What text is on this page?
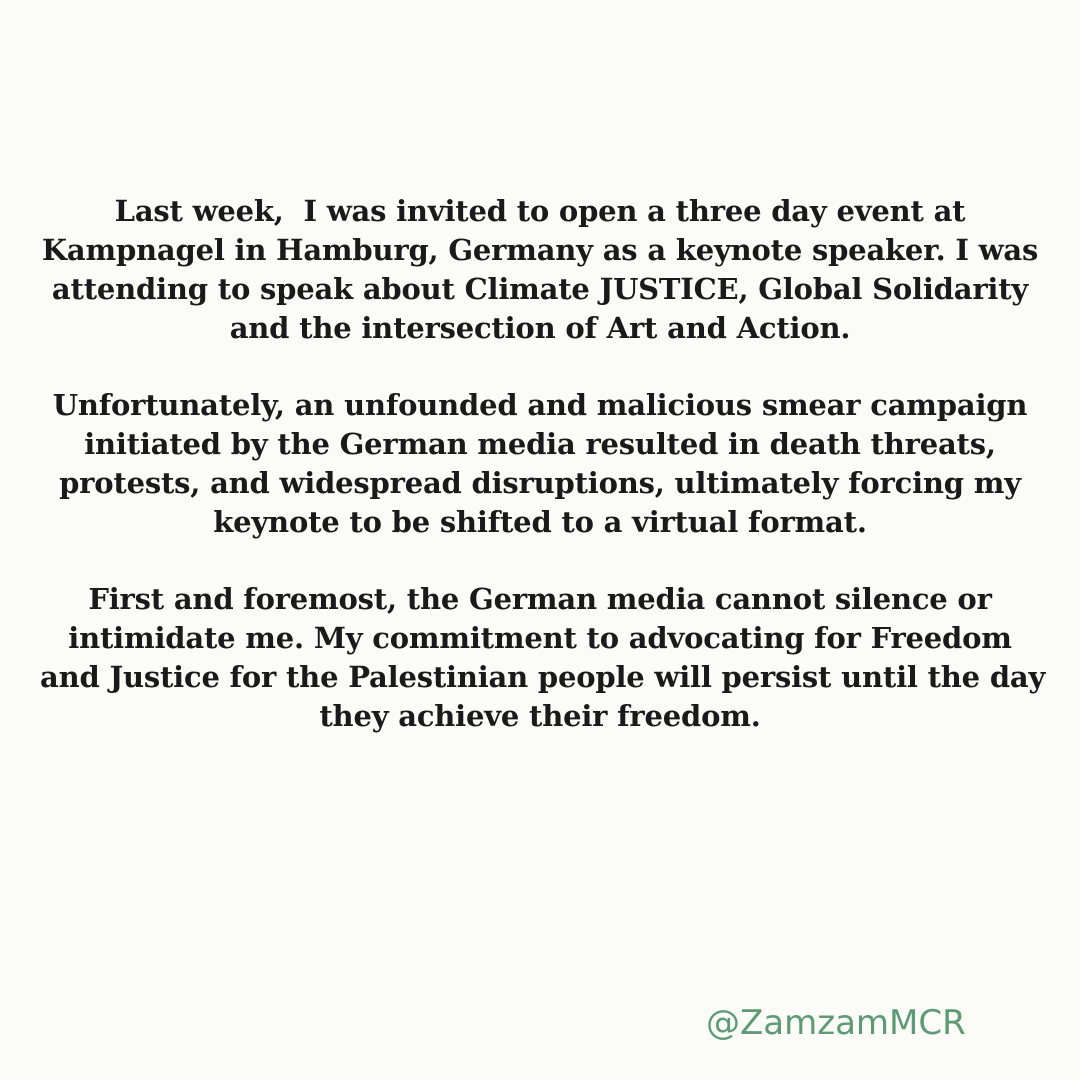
Last week,  I was invited to open a three day event at
Kampnagel in Hamburg, Germany as a keynote speaker. I was
attending to speak about Climate JUSTICE, Global Solidarity
and the intersection of Art and Action.

Unfortunately, an unfounded and malicious smear campaign
initiated by the German media resulted in death threats,
protests, and widespread disruptions, ultimately forcing my
keynote to be shifted to a virtual format.

First and foremost, the German media cannot silence or
intimidate me. My commitment to advocating for Freedom
and Justice for the Palestinian people will persist until the day
they achieve their freedom.

@ZamzamMCR
